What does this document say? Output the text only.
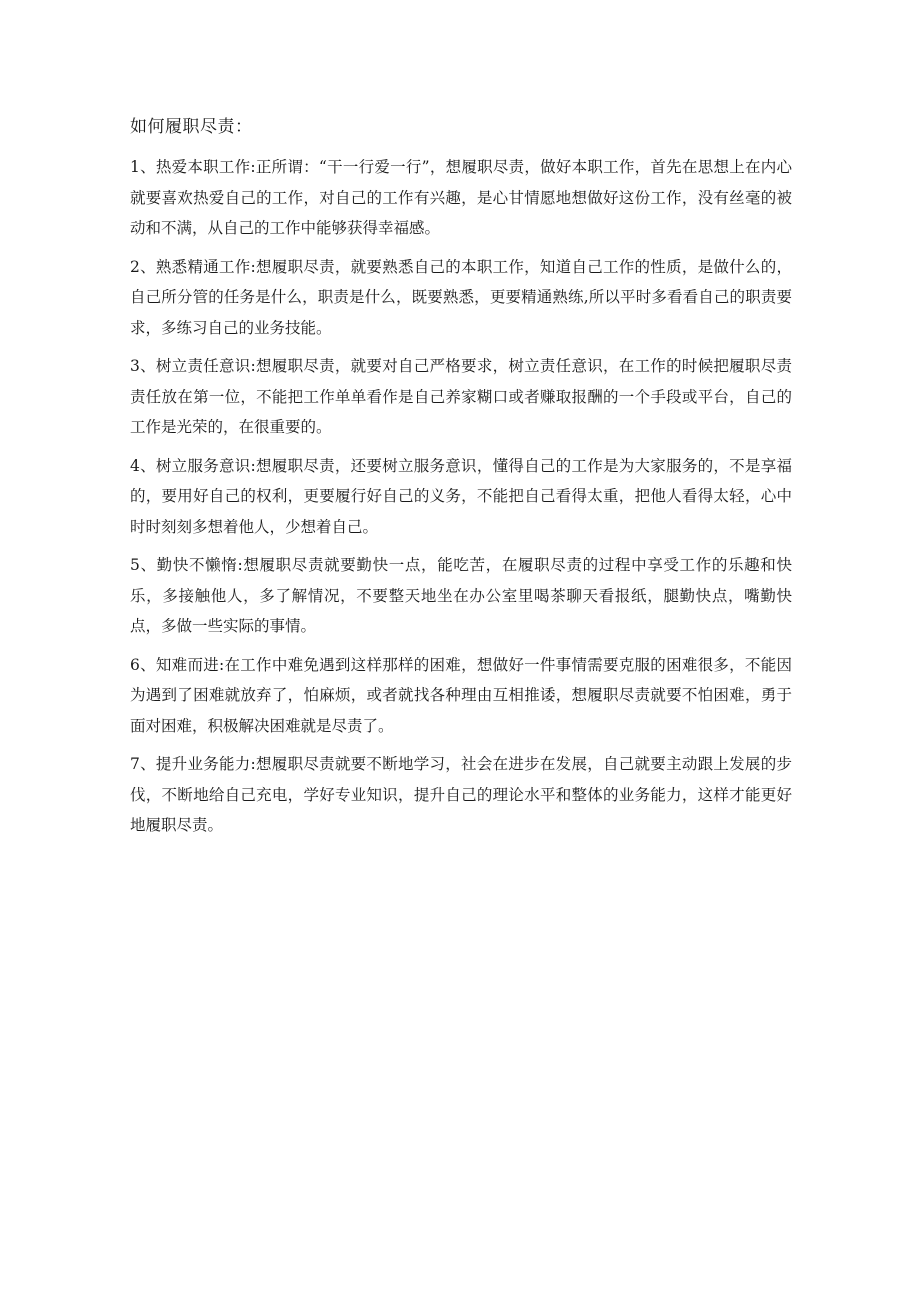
如何履职尽责：

1、热爱本职工作:正所谓：“干一行爱一行”，想履职尽责，做好本职工作，首先在思想上在内心就要喜欢热爱自己的工作，对自己的工作有兴趣，是心甘情愿地想做好这份工作，没有丝毫的被动和不满，从自己的工作中能够获得幸福感。

2、熟悉精通工作:想履职尽责，就要熟悉自己的本职工作，知道自己工作的性质，是做什么的，自己所分管的任务是什么，职责是什么，既要熟悉，更要精通熟练,所以平时多看看自己的职责要求，多练习自己的业务技能。

3、树立责任意识:想履职尽责，就要对自己严格要求，树立责任意识，在工作的时候把履职尽责责任放在第一位，不能把工作单单看作是自己养家糊口或者赚取报酬的一个手段或平台，自己的工作是光荣的，在很重要的。

4、树立服务意识:想履职尽责，还要树立服务意识，懂得自己的工作是为大家服务的，不是享福的，要用好自己的权利，更要履行好自己的义务，不能把自己看得太重，把他人看得太轻，心中时时刻刻多想着他人，少想着自己。

5、勤快不懒惰:想履职尽责就要勤快一点，能吃苦，在履职尽责的过程中享受工作的乐趣和快乐，多接触他人，多了解情况，不要整天地坐在办公室里喝茶聊天看报纸，腿勤快点，嘴勤快点，多做一些实际的事情。

6、知难而进:在工作中难免遇到这样那样的困难，想做好一件事情需要克服的困难很多，不能因为遇到了困难就放弃了，怕麻烦，或者就找各种理由互相推诿，想履职尽责就要不怕困难，勇于面对困难，积极解决困难就是尽责了。

7、提升业务能力:想履职尽责就要不断地学习，社会在进步在发展，自己就要主动跟上发展的步伐，不断地给自己充电，学好专业知识，提升自己的理论水平和整体的业务能力，这样才能更好地履职尽责。
